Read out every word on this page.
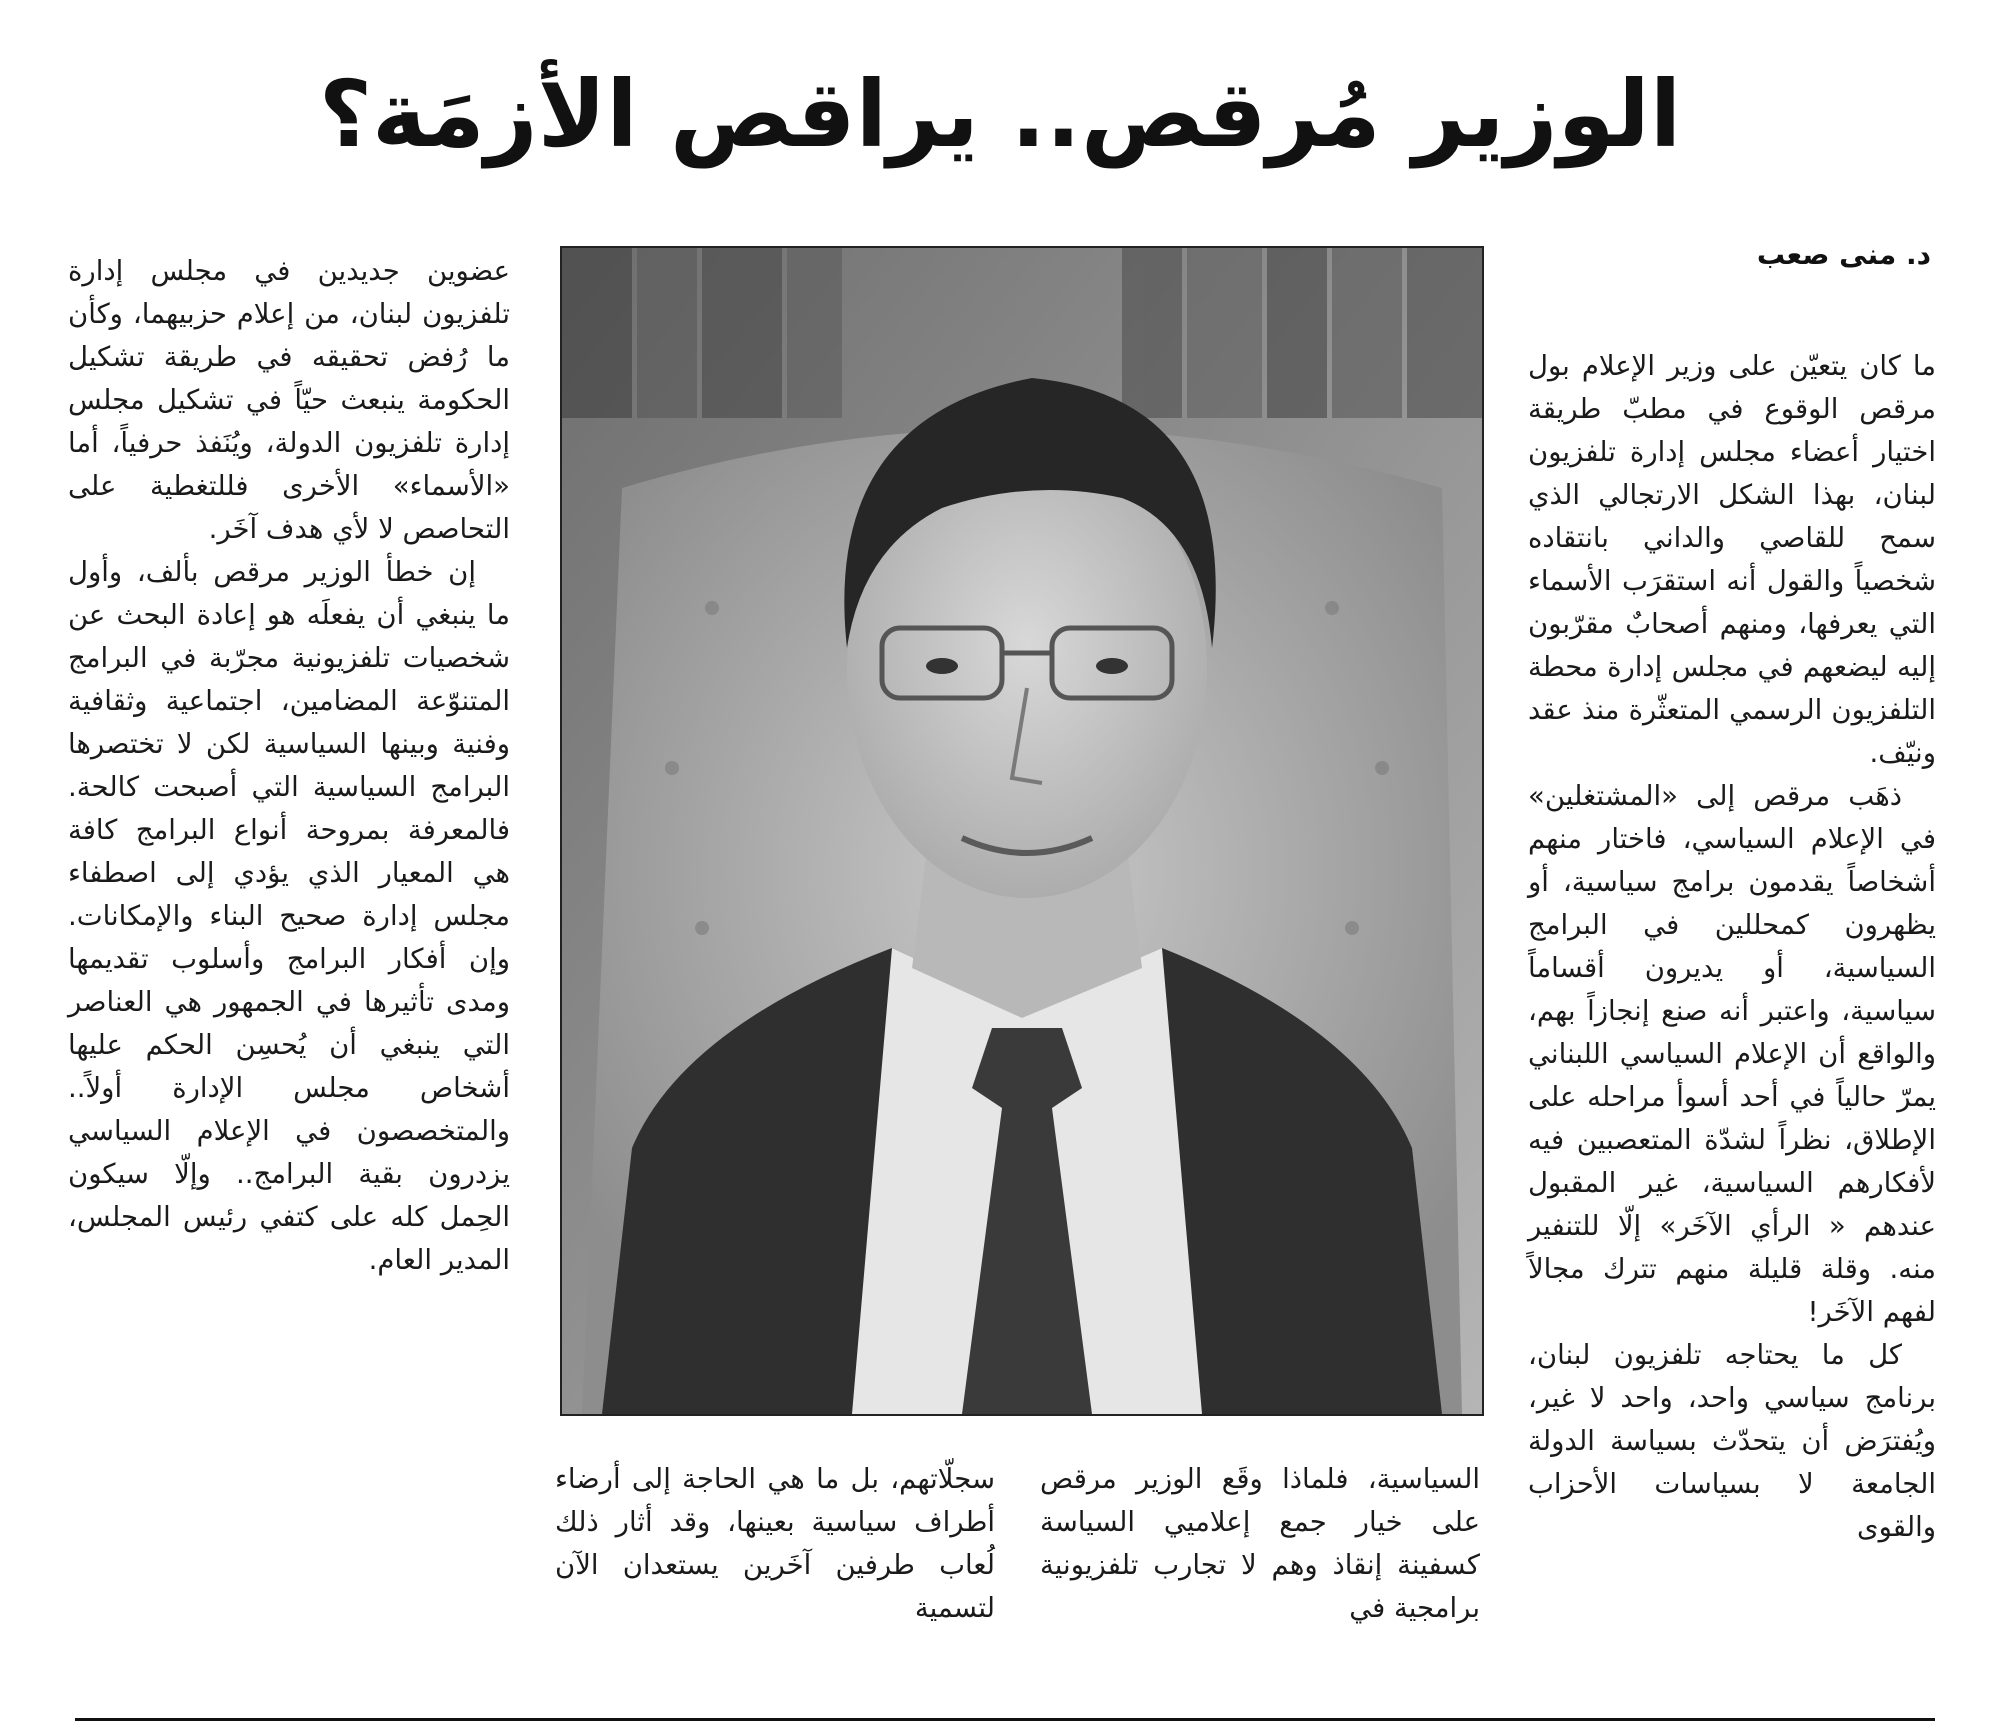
الوزير مُرقص.. يراقص الأزمَة؟
د. منى صعب

ما كان يتعيّن على وزير الإعلام بول مرقص الوقوع في مطبّ طريقة اختيار أعضاء مجلس إدارة تلفزيون لبنان، بهذا الشكل الارتجالي الذي سمح للقاصي والداني بانتقاده شخصياً والقول أنه استقرَب الأسماء التي يعرفها، ومنهم أصحابٌ مقرّبون إليه ليضعهم في مجلس إدارة محطة التلفزيون الرسمي المتعثّرة منذ عقد ونيّف.

ذهَب مرقص إلى «المشتغلين» في الإعلام السياسي، فاختار منهم أشخاصاً يقدمون برامج سياسية، أو يظهرون كمحللين في البرامج السياسية، أو يديرون أقساماً سياسية، واعتبر أنه صنع إنجازاً بهم، والواقع أن الإعلام السياسي اللبناني يمرّ حالياً في أحد أسوأ مراحله على الإطلاق، نظراً لشدّة المتعصبين فيه لأفكارهم السياسية، غير المقبول عندهم « الرأي الآخَر» إلّا للتنفير منه. وقلة قليلة منهم تترك مجالاً لفهم الآخَر!

كل ما يحتاجه تلفزيون لبنان، برنامج سياسي واحد، واحد لا غير، ويُفترَض أن يتحدّث بسياسة الدولة الجامعة لا بسياسات الأحزاب والقوى

السياسية، فلماذا وقَع الوزير مرقص على خيار جمع إعلاميي السياسة كسفينة إنقاذ وهم لا تجارب تلفزيونية برامجية في

سجلّاتهم، بل ما هي الحاجة إلى أرضاء أطراف سياسية بعينها، وقد أثار ذلك لُعاب طرفين آخَرين يستعدان الآن لتسمية

عضوين جديدين في مجلس إدارة تلفزيون لبنان، من إعلام حزبيهما، وكأن ما رُفض تحقيقه في طريقة تشكيل الحكومة ينبعث حيّاً في تشكيل مجلس إدارة تلفزيون الدولة، ويُنَفذ حرفياً، أما «الأسماء» الأخرى فللتغطية على التحاصص لا لأي هدف آخَر.

إن خطأ الوزير مرقص بألف، وأول ما ينبغي أن يفعلَه هو إعادة البحث عن شخصيات تلفزيونية مجرّبة في البرامج المتنوّعة المضامين، اجتماعية وثقافية وفنية وبينها السياسية لكن لا تختصرها البرامج السياسية التي أصبحت كالحة. فالمعرفة بمروحة أنواع البرامج كافة هي المعيار الذي يؤدي إلى اصطفاء مجلس إدارة صحيح البناء والإمكانات. وإن أفكار البرامج وأسلوب تقديمها ومدى تأثيرها في الجمهور هي العناصر التي ينبغي أن يُحسِن الحكم عليها أشخاص مجلس الإدارة أولاً.. والمتخصصون في الإعلام السياسي يزدرون بقية البرامج.. وإلّا سيكون الحِمل كله على كتفي رئيس المجلس، المدير العام.
